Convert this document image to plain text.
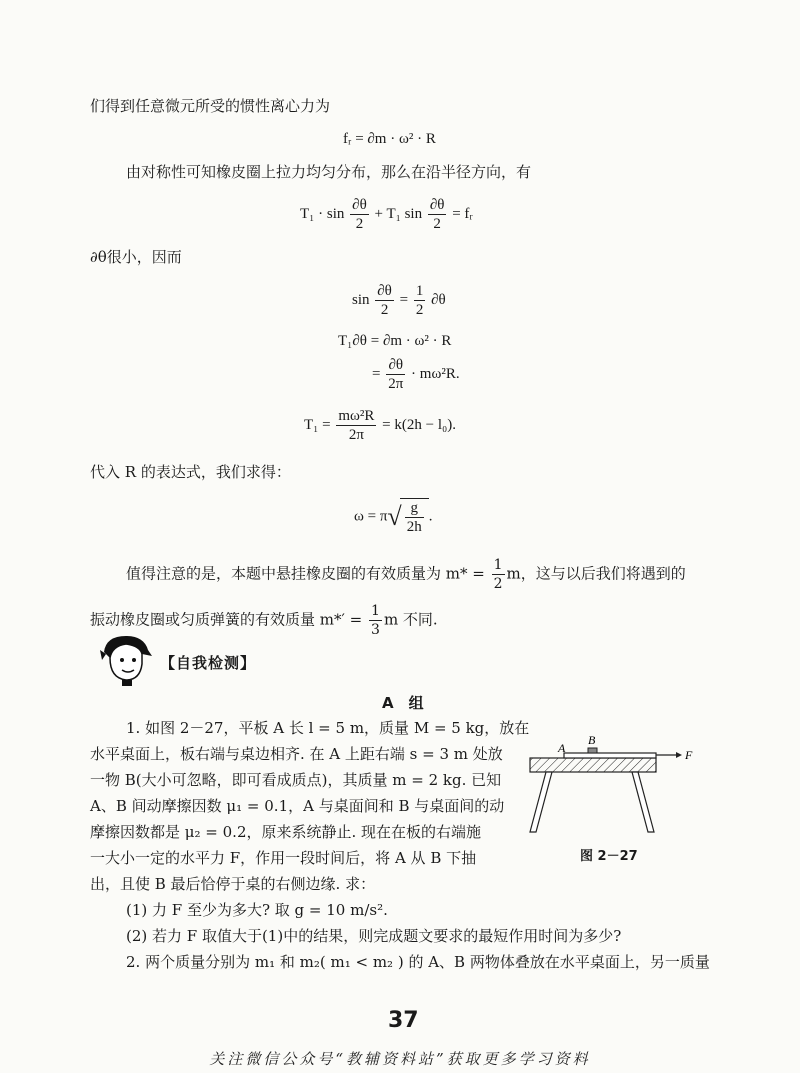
们得到任意微元所受的惯性离心力为
fᵣ = ∂m · ω² · R
由对称性可知橡皮圈上拉力均匀分布，那么在沿半径方向，有
$T_1 \cdot \sin \frac{\partial\theta}{2} + T_1$ $\sin \frac{\partial\theta}{2}$ = fᵣ
∂θ很小，因而
$\sin \frac{\partial\theta}{2} = \frac{1}{2} \partial\theta$
T₁∂θ = ∂m · ω² · R
= $\frac{\partial\theta}{2\pi} \cdot m\omega^2R$.
$T_1 = \frac{\text{mω²R}}{2\pi} = k(2h - l_0)$.
代入 R 的表达式，我们求得：
$\omega = \pi√ \frac{g}{2h}$ .
值得注意的是，本题中悬挂橡皮圈的有效质量为 $m* = \frac{1}{2}$ m，这与以后我们将遇到的
振动橡皮圈或匀质弹簧的有效质量 $m*' = \frac{1}{3}$ m 不同.
【自我检测】
A　组
1. 如图 2－27，平板 A 长 l = 5 m，质量 M = 5 kg，放在
水平桌面上，板右端与桌边相齐. 在 A 上距右端 s = 3 m 处放
一物 B(大小可忽略，即可看成质点)，其质量 m = 2 kg. 已知
A、B 间动摩擦因数 μ₁ = 0.1，A 与桌面间和 B 与桌面间的动
摩擦因数都是 μ₂ = 0.2，原来系统静止. 现在在板的右端施
一大小一定的水平力 F，作用一段时间后，将 A 从 B 下抽
出，且使 B 最后恰停于桌的右侧边缘. 求：
(1) 力 F 至少为多大? 取 g = 10 m/s².
(2) 若力 F 取值大于(1)中的结果，则完成题文要求的最短作用时间为多少?
2. 两个质量分别为 m₁ 和 m₂( m₁ < m₂ ) 的 A、B 两物体叠放在水平桌面上，另一质量
A
B
F
图 2－27
37
关注微信公众号“教辅资料站”获取更多学习资料
